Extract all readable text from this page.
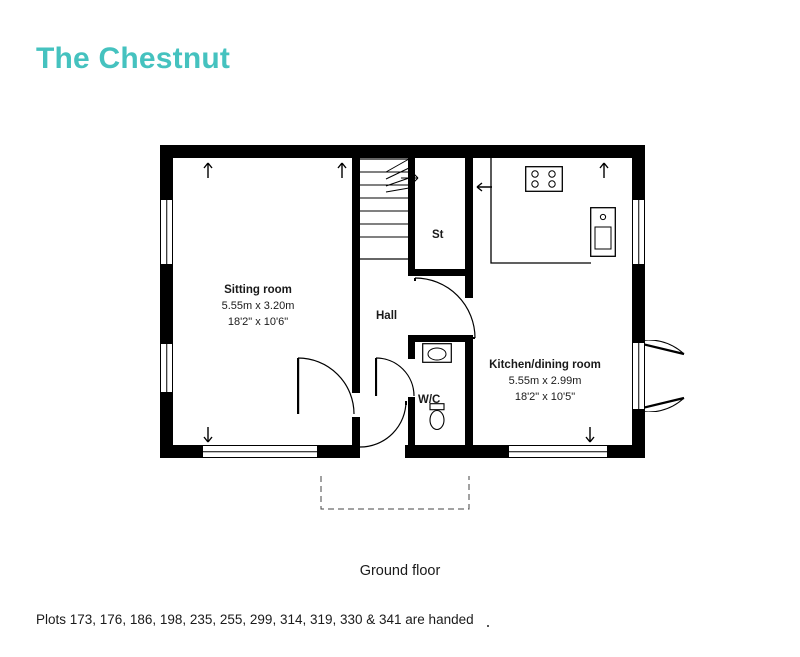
The Chestnut
Sitting room
5.55m x 3.20m
18'2" x 10'6"
Kitchen/dining room
5.55m x 2.99m
18'2" x 10'5"
St
Hall
W/C
Ground floor
Plots 173, 176, 186, 198, 235, 255, 299, 314, 319, 330 & 341 are handed
